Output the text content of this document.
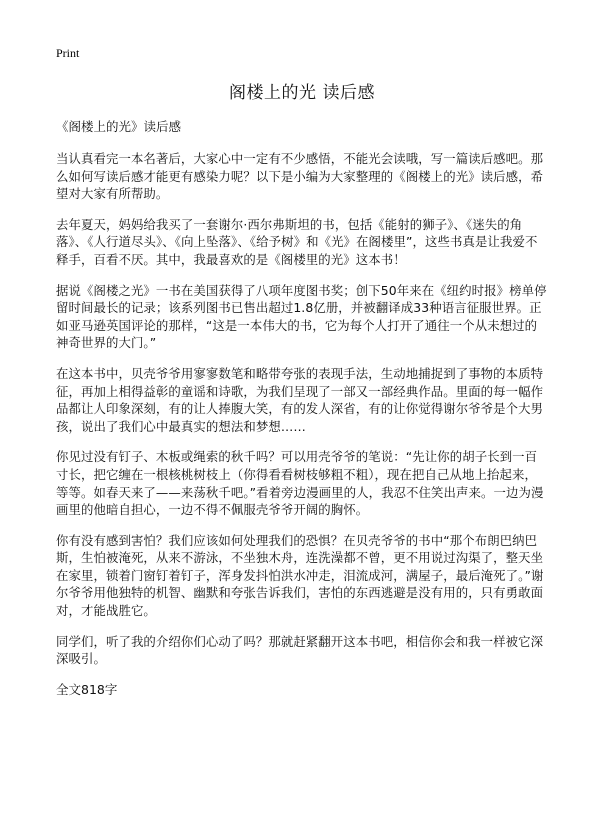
Print
阁楼上的光 读后感
《阁楼上的光》读后感

当认真看完一本名著后，大家心中一定有不少感悟，不能光会读哦，写一篇读后感吧。那么如何写读后感才能更有感染力呢？以下是小编为大家整理的《阁楼上的光》读后感，希望对大家有所帮助。

去年夏天，妈妈给我买了一套谢尔·西尔弗斯坦的书，包括《能射的狮子》、《迷失的角落》、《人行道尽头》、《向上坠落》、《给予树》和《光》在阁楼里”，这些书真是让我爱不释手，百看不厌。其中，我最喜欢的是《阁楼里的光》这本书！

据说《阁楼之光》一书在美国获得了八项年度图书奖；创下50年来在《纽约时报》榜单停留时间最长的记录；该系列图书已售出超过1.8亿册，并被翻译成33种语言征服世界。正如亚马逊英国评论的那样，“这是一本伟大的书，它为每个人打开了通往一个从未想过的神奇世界的大门。”

在这本书中，贝壳爷爷用寥寥数笔和略带夸张的表现手法，生动地捕捉到了事物的本质特征，再加上相得益彰的童谣和诗歌，为我们呈现了一部又一部经典作品。里面的每一幅作品都让人印象深刻，有的让人捧腹大笑，有的发人深省，有的让你觉得谢尔爷爷是个大男孩，说出了我们心中最真实的想法和梦想……

你见过没有钉子、木板或绳索的秋千吗？可以用壳爷爷的笔说：“先让你的胡子长到一百寸长，把它缠在一根核桃树枝上（你得看看树枝够粗不粗），现在把自己从地上抬起来，等等。如春天来了——来荡秋千吧。”看着旁边漫画里的人，我忍不住笑出声来。一边为漫画里的他暗自担心，一边不得不佩服壳爷爷开阔的胸怀。

你有没有感到害怕？我们应该如何处理我们的恐惧？在贝壳爷爷的书中“那个布朗巴纳巴斯，生怕被淹死，从来不游泳，不坐独木舟，连洗澡都不曾，更不用说过沟渠了，整天坐在家里，锁着门窗钉着钉子，浑身发抖怕洪水冲走，泪流成河，满屋子，最后淹死了。”谢尔爷爷用他独特的机智、幽默和夸张告诉我们，害怕的东西逃避是没有用的，只有勇敢面对，才能战胜它。

同学们，听了我的介绍你们心动了吗？那就赶紧翻开这本书吧，相信你会和我一样被它深深吸引。

全文818字
